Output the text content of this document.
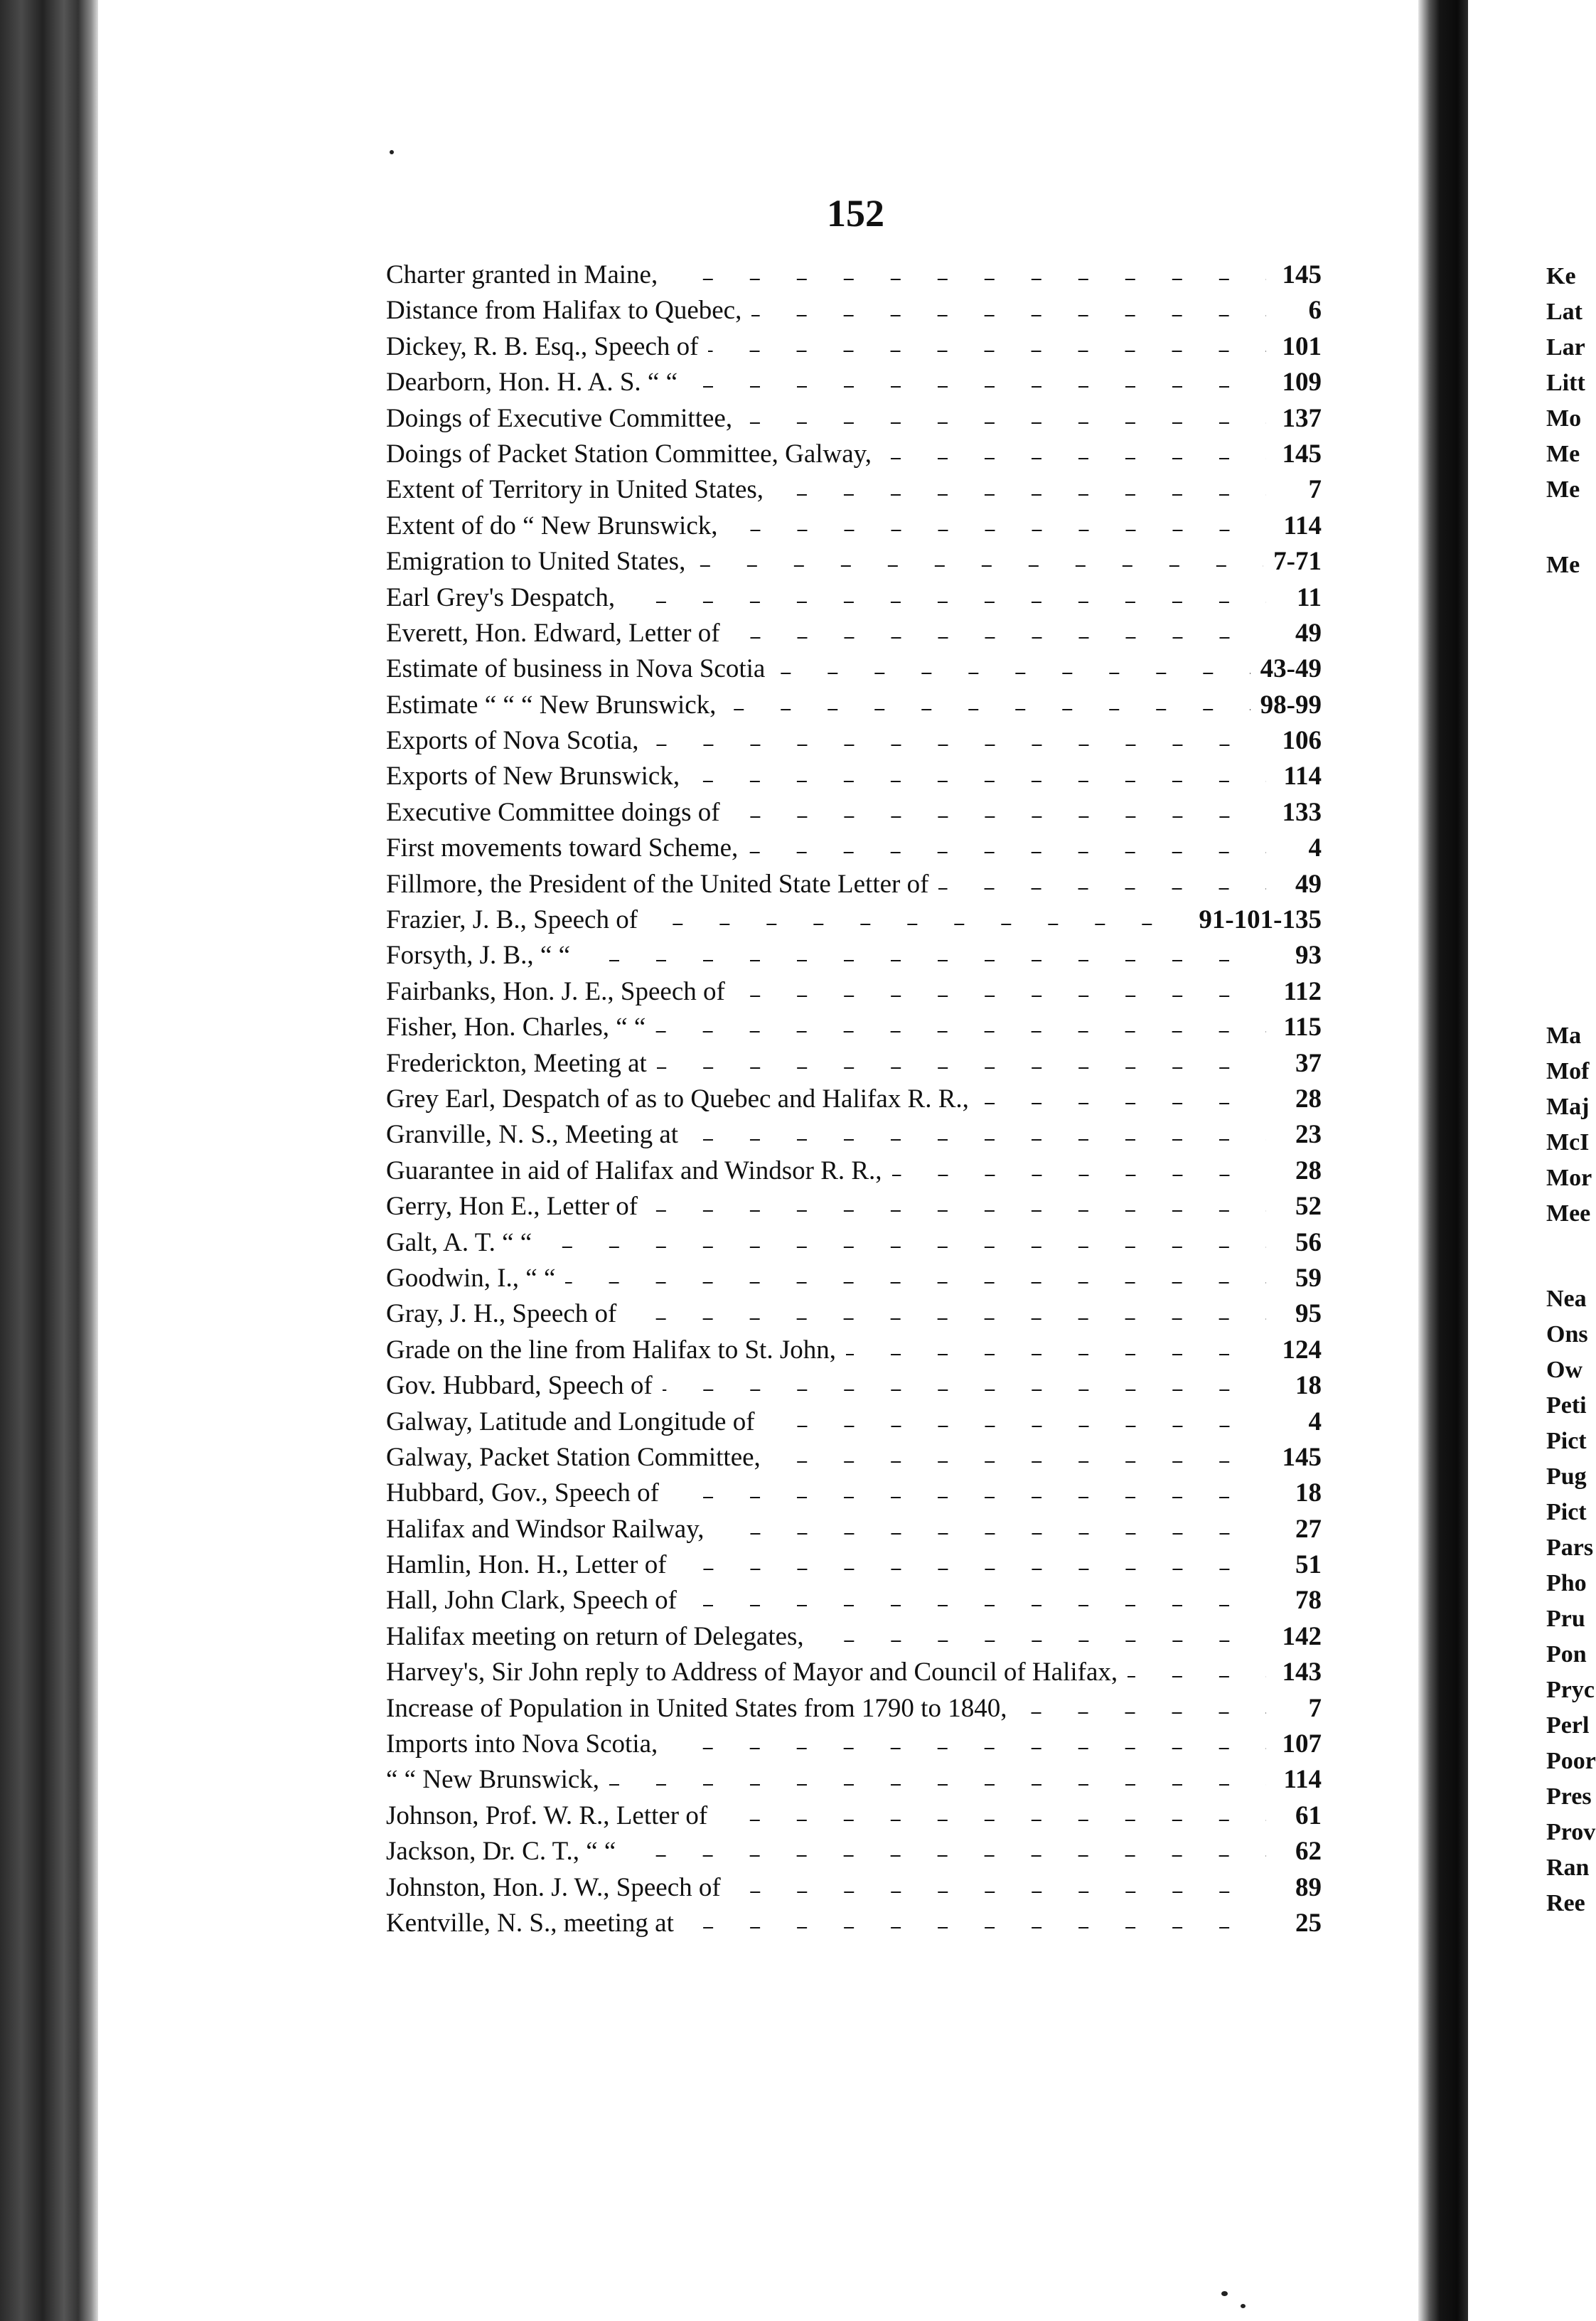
152
Charter granted in Maine,	145
Distance from Halifax to Quebec,	6
Dickey, R. B. Esq., Speech of	101
Dearborn, Hon. H. A. S. “ “	109
Doings of Executive Committee,	137
Doings of Packet Station Committee, Galway,	145
Extent of Territory in United States,	7
Extent of do “ New Brunswick,	114
Emigration to United States,	7-71
Earl Grey's Despatch,	11
Everett, Hon. Edward, Letter of	49
Estimate of business in Nova Scotia	43-49
Estimate “ “ “ New Brunswick,	98-99
Exports of Nova Scotia,	106
Exports of New Brunswick,	114
Executive Committee doings of	133
First movements toward Scheme,	4
Fillmore, the President of the United State Letter of	49
Frazier, J. B., Speech of	91-101-135
Forsyth, J. B., “ “	93
Fairbanks, Hon. J. E., Speech of	112
Fisher, Hon. Charles, “ “	115
Frederickton, Meeting at	37
Grey Earl, Despatch of as to Quebec and Halifax R. R.,	28
Granville, N. S., Meeting at	23
Guarantee in aid of Halifax and Windsor R. R.,	28
Gerry, Hon E., Letter of	52
Galt, A. T. “ “	56
Goodwin, I., “ “	59
Gray, J. H., Speech of	95
Grade on the line from Halifax to St. John,	124
Gov. Hubbard, Speech of	18
Galway, Latitude and Longitude of	4
Galway, Packet Station Committee,	145
Hubbard, Gov., Speech of	18
Halifax and Windsor Railway,	27
Hamlin, Hon. H., Letter of	51
Hall, John Clark, Speech of	78
Halifax meeting on return of Delegates,	142
Harvey's, Sir John reply to Address of Mayor and Council of Halifax,	143
Increase of Population in United States from 1790 to 1840,	7
Imports into Nova Scotia,	107
“ “ New Brunswick,	114
Johnson, Prof. W. R., Letter of	61
Jackson, Dr. C. T., “ “	62
Johnston, Hon. J. W., Speech of	89
Kentville, N. S., meeting at	25
Ke
Lat
Lar
Litt
Mo
Me
Me
Me
Ma
Mof
Maj
McI
Mor
Mee
Nea
Ons
Ow
Peti
Pict
Pug
Pict
Pars
Pho
Pru
Pon
Pryc
Perl
Poor
Pres
Prov
Ran
Ree
